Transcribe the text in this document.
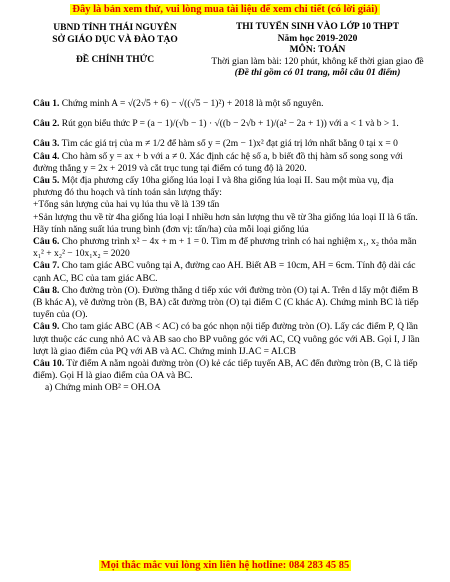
Đây là bản xem thử, vui lòng mua tài liệu để xem chi tiết (có lời giải)
UBND TỈNH THÁI NGUYÊN
SỞ GIÁO DỤC VÀ ĐÀO TẠO
ĐỀ CHÍNH THỨC
THI TUYỂN SINH VÀO LỚP 10 THPT
Năm học 2019-2020
MÔN: TOÁN
Thời gian làm bài: 120 phút, không kể thời gian giao đề
(Đề thi gồm có 01 trang, mỗi câu 01 điểm)

Câu 1. Chứng minh A = √(2√5 + 6) − √((√5 − 1)²) + 2018 là một số nguyên.

Câu 2. Rút gọn biểu thức P = (a − 1)/(√b − 1) · √((b − 2√b + 1)/(a² − 2a + 1)) với a < 1 và b > 1.

Câu 3. Tìm các giá trị của m ≠ 1/2 để hàm số y = (2m − 1)x² đạt giá trị lớn nhất bằng 0 tại x = 0

Câu 4. Cho hàm số y = ax + b với a ≠ 0. Xác định các hệ số a, b biết đồ thị hàm số song song với đường thẳng y = 2x + 2019 và cắt trục tung tại điểm có tung độ là 2020.

Câu 5. Một địa phương cấy 10ha giống lúa loại I và 8ha giống lúa loại II. Sau một mùa vụ, địa phương đó thu hoạch và tính toán sản lượng thấy:

+Tổng sản lượng của hai vụ lúa thu về là 139 tấn

+Sản lượng thu về từ 4ha giống lúa loại I nhiều hơn sản lượng thu về từ 3ha giống lúa loại II là 6 tấn.

Hãy tính năng suất lúa trung bình (đơn vị: tấn/ha) của mỗi loại giống lúa

Câu 6. Cho phương trình x² − 4x + m + 1 = 0. Tìm m để phương trình có hai nghiệm x₁, x₂ thỏa mãn x₁² + x₂² − 10x₁x₂ = 2020

Câu 7. Cho tam giác ABC vuông tại A, đường cao AH. Biết AB = 10cm, AH = 6cm. Tính độ dài các cạnh AC, BC của tam giác ABC.

Câu 8. Cho đường tròn (O). Đường thẳng d tiếp xúc với đường tròn (O) tại A. Trên d lấy một điểm B (B khác A), vẽ đường tròn (B, BA) cắt đường tròn (O) tại điểm C (C khác A). Chứng minh BC là tiếp tuyến của (O).

Câu 9. Cho tam giác ABC (AB < AC) có ba góc nhọn nội tiếp đường tròn (O). Lấy các điểm P, Q lần lượt thuộc các cung nhỏ AC và AB sao cho BP vuông góc với AC, CQ vuông góc với AB. Gọi I, J lần lượt là giao điểm của PQ với AB và AC. Chứng minh IJ.AC = AI.CB

Câu 10. Từ điểm A nằm ngoài đường tròn (O) kẻ các tiếp tuyến AB, AC đến đường tròn (B, C là tiếp điểm). Gọi H là giao điểm của OA và BC.

a) Chứng minh OB² = OH.OA

Mọi thắc mắc vui lòng xin liên hệ hotline: 084 283 45 85
